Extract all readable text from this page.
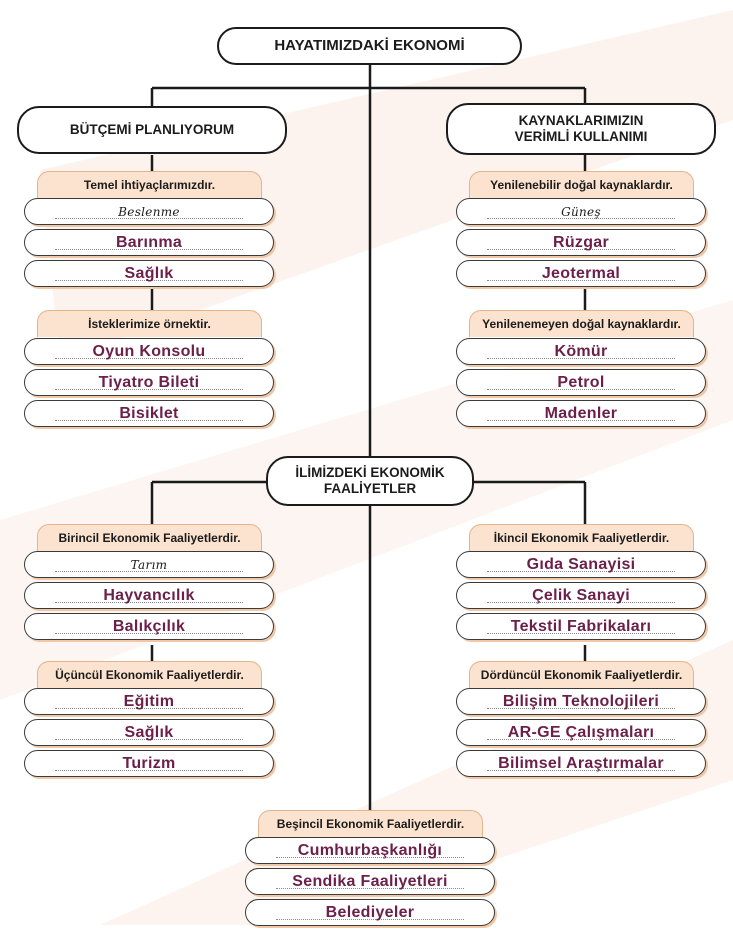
HAYATIMIZDAKİ EKONOMİ
BÜTÇEMİ PLANLIYORUM
KAYNAKLARIMIZIN
VERİMLİ KULLANIMI
İLİMİZDEKİ EKONOMİK
FAALİYETLER
Temel ihtiyaçlarımızdır.
Beslenme
Barınma
Sağlık
İsteklerimize örnektir.
Oyun Konsolu
Tiyatro Bileti
Bisiklet
Yenilenebilir doğal kaynaklardır.
Güneş
Rüzgar
Jeotermal
Yenilenemeyen doğal kaynaklardır.
Kömür
Petrol
Madenler
Birincil Ekonomik Faaliyetlerdir.
Tarım
Hayvancılık
Balıkçılık
İkincil Ekonomik Faaliyetlerdir.
Gıda Sanayisi
Çelik Sanayi
Tekstil Fabrikaları
Üçüncül Ekonomik Faaliyetlerdir.
Eğitim
Sağlık
Turizm
Dördüncül Ekonomik Faaliyetlerdir.
Bilişim Teknolojileri
AR-GE Çalışmaları
Bilimsel Araştırmalar
Beşincil Ekonomik Faaliyetlerdir.
Cumhurbaşkanlığı
Sendika Faaliyetleri
Belediyeler
